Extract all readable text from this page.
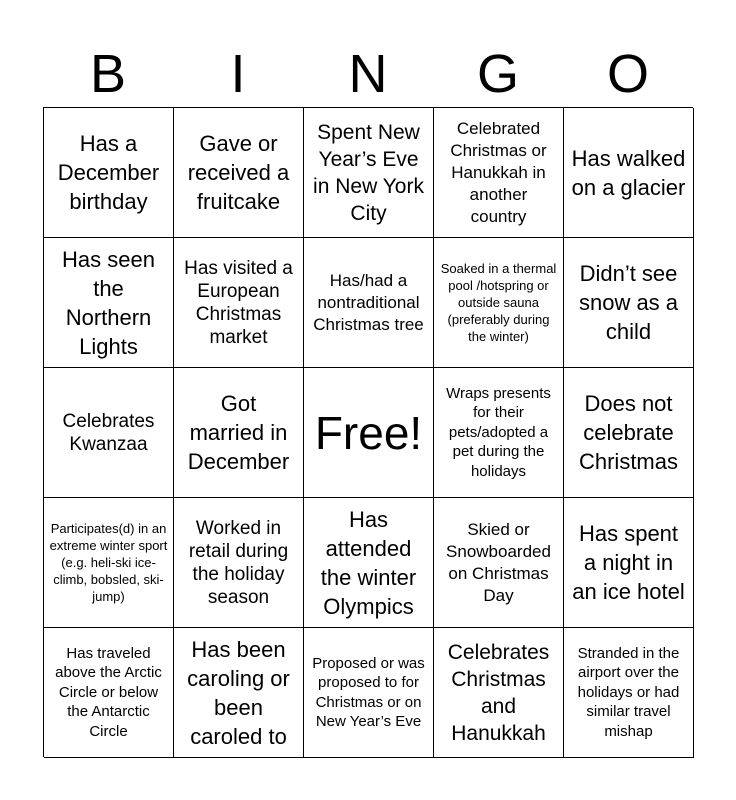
B	I	N	G	O
Has a December birthday
Gave or received a fruitcake
Spent New Year’s Eve in New York City
Celebrated Christmas or Hanukkah in another country
Has walked on a glacier
Has seen the Northern Lights
Has visited a European Christmas market
Has/had a nontraditional Christmas tree
Soaked in a thermal pool /hotspring or outside sauna (preferably during the winter)
Didn’t see snow as a child
Celebrates Kwanzaa
Got married in December
Free!
Wraps presents for their pets/adopted a pet during the holidays
Does not celebrate Christmas
Participates(d) in an extreme winter sport (e.g. heli-ski ice-climb, bobsled, ski-jump)
Worked in retail during the holiday season
Has attended the winter Olympics
Skied or Snowboarded on Christmas Day
Has spent a night in an ice hotel
Has traveled above the Arctic Circle or below the Antarctic Circle
Has been caroling or been caroled to
Proposed or was proposed to for Christmas or on New Year’s Eve
Celebrates Christmas and Hanukkah
Stranded in the airport over the holidays or had similar travel mishap
